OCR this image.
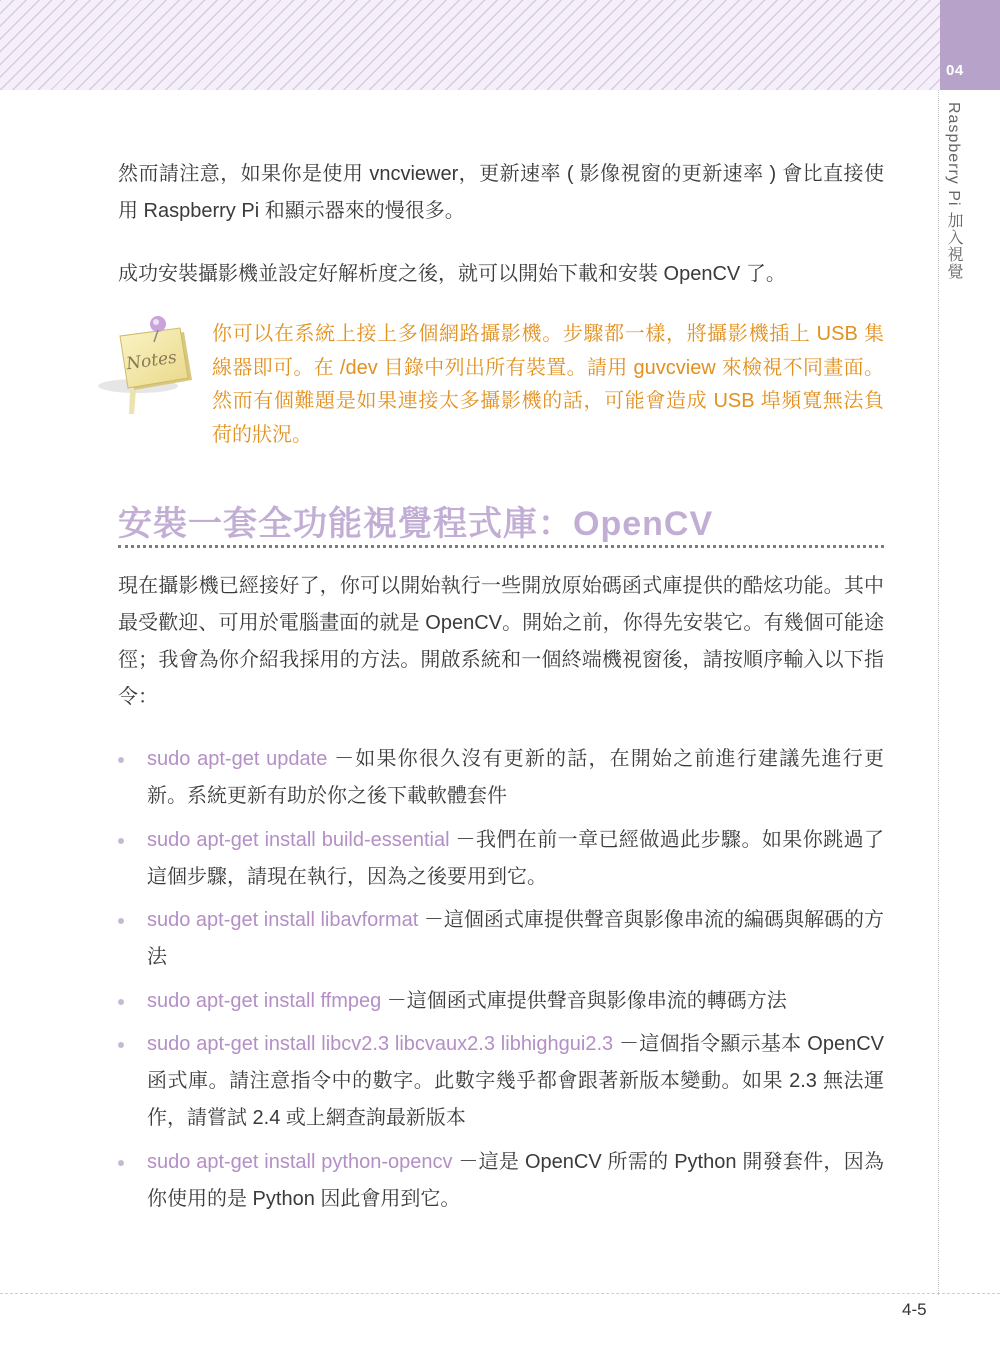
04
Raspberry Pi 加入視覺

然而請注意，如果你是使用 vncviewer，更新速率 ( 影像視窗的更新速率 ) 會比直接使用 Raspberry Pi 和顯示器來的慢很多。

成功安裝攝影機並設定好解析度之後，就可以開始下載和安裝 OpenCV 了。

Notes

你可以在系統上接上多個網路攝影機。步驟都一樣，將攝影機插上 USB 集線器即可。在 /dev 目錄中列出所有裝置。請用 guvcview 來檢視不同畫面。然而有個難題是如果連接太多攝影機的話，可能會造成 USB 埠頻寬無法負荷的狀況。

安裝一套全功能視覺程式庫：OpenCV

現在攝影機已經接好了，你可以開始執行一些開放原始碼函式庫提供的酷炫功能。其中最受歡迎、可用於電腦畫面的就是 OpenCV。開始之前，你得先安裝它。有幾個可能途徑；我會為你介紹我採用的方法。開啟系統和一個終端機視窗後，請按順序輸入以下指令：

sudo apt-get update －如果你很久沒有更新的話，在開始之前進行建議先進行更新。系統更新有助於你之後下載軟體套件
sudo apt-get install build-essential －我們在前一章已經做過此步驟。如果你跳過了這個步驟，請現在執行，因為之後要用到它。
sudo apt-get install libavformat －這個函式庫提供聲音與影像串流的編碼與解碼的方法
sudo apt-get install ffmpeg －這個函式庫提供聲音與影像串流的轉碼方法
sudo apt-get install libcv2.3 libcvaux2.3 libhighgui2.3 －這個指令顯示基本 OpenCV 函式庫。請注意指令中的數字。此數字幾乎都會跟著新版本變動。如果 2.3 無法運作，請嘗試 2.4 或上網查詢最新版本
sudo apt-get install python-opencv －這是 OpenCV 所需的 Python 開發套件，因為你使用的是 Python 因此會用到它。
4-5
